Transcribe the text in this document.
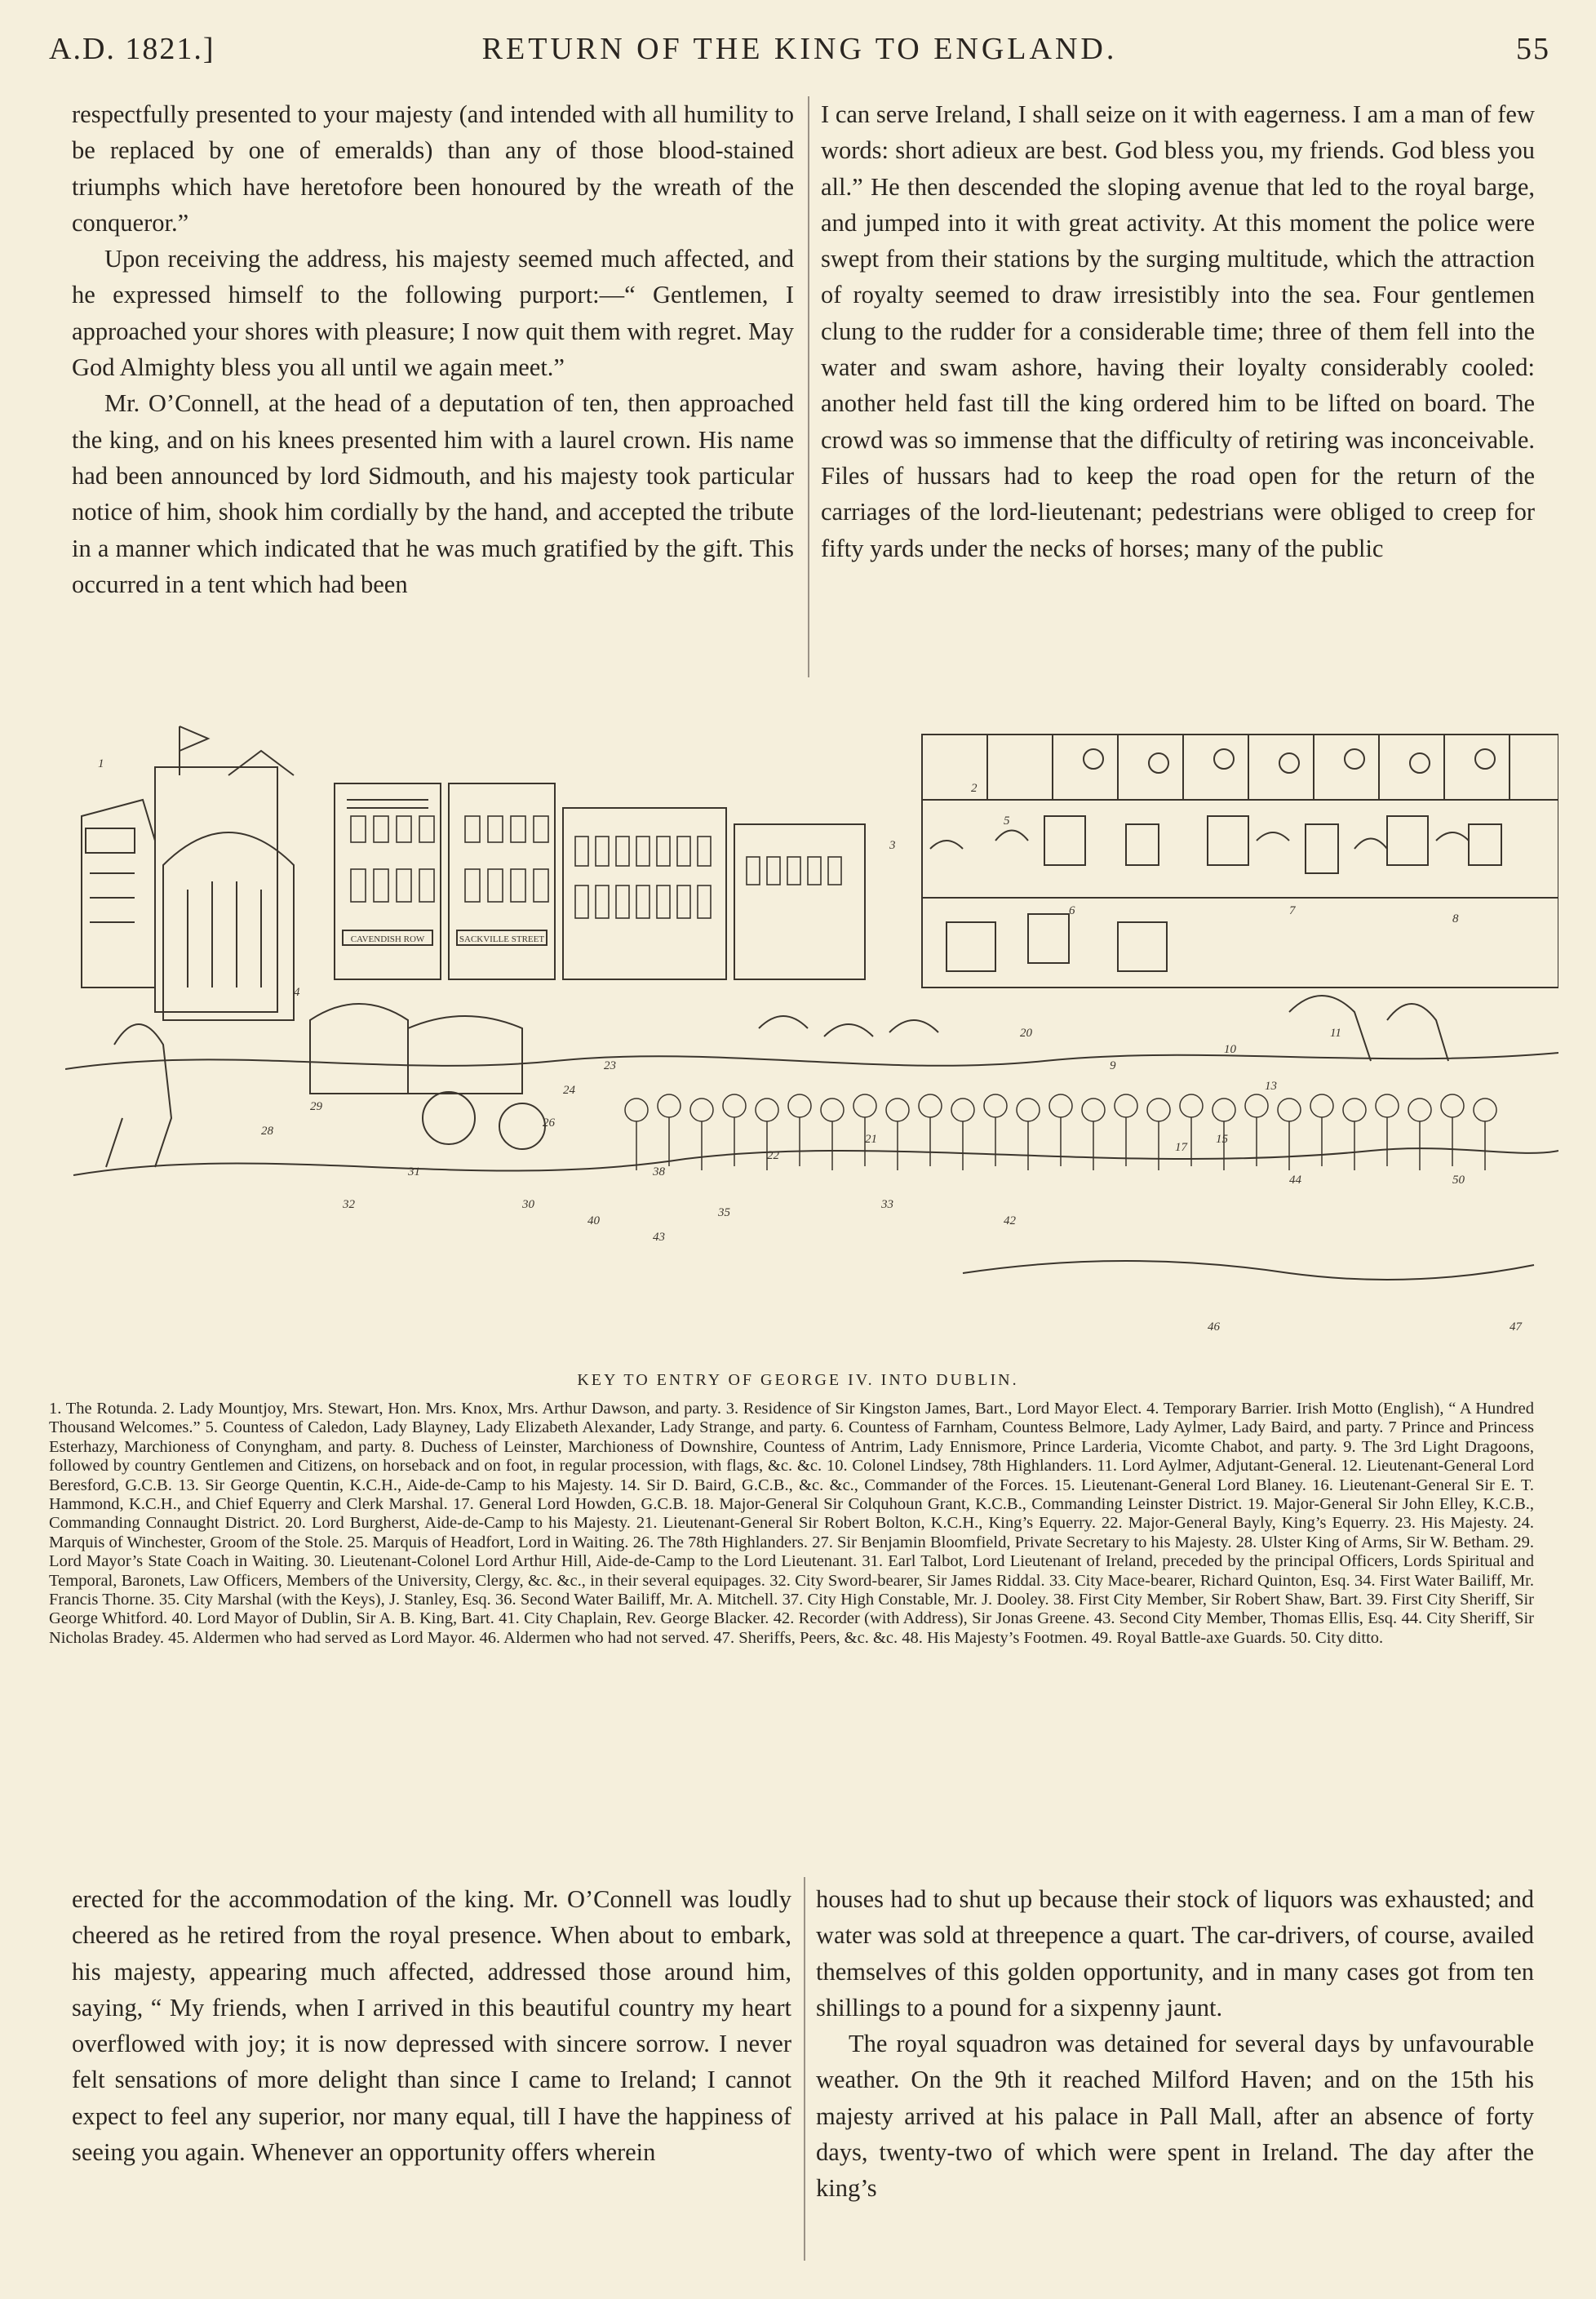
A.D. 1821.]	RETURN OF THE KING TO ENGLAND.	55

respectfully presented to your majesty (and intended with all humility to be replaced by one of emeralds) than any of those blood-stained triumphs which have heretofore been honoured by the wreath of the conqueror.”

Upon receiving the address, his majesty seemed much affected, and he expressed himself to the following purport:—“ Gentlemen, I approached your shores with pleasure; I now quit them with regret. May God Almighty bless you all until we again meet.”

Mr. O’Connell, at the head of a deputation of ten, then approached the king, and on his knees presented him with a laurel crown. His name had been announced by lord Sidmouth, and his majesty took particular notice of him, shook him cordially by the hand, and accepted the tribute in a manner which indicated that he was much gratified by the gift. This occurred in a tent which had been

I can serve Ireland, I shall seize on it with eagerness. I am a man of few words: short adieux are best. God bless you, my friends. God bless you all.” He then descended the sloping avenue that led to the royal barge, and jumped into it with great activity. At this moment the police were swept from their stations by the surging multitude, which the attraction of royalty seemed to draw irresistibly into the sea. Four gentlemen clung to the rudder for a considerable time; three of them fell into the water and swam ashore, having their loyalty considerably cooled: another held fast till the king ordered him to be lifted on board. The crowd was so immense that the difficulty of retiring was inconceivable. Files of hussars had to keep the road open for the return of the carriages of the lord-lieutenant; pedestrians were obliged to creep for fifty yards under the necks of horses; many of the public

CAVENDISH ROW	SACKVILLE STREET
1
2
3
4
5
6	7
8
9
10
11
13
15
17
20
21
22
23
24
26
28
29
30
31
32	33
35
38
40	42
43
44
46	47
50
KEY TO ENTRY OF GEORGE IV. INTO DUBLIN.
1. The Rotunda. 2. Lady Mountjoy, Mrs. Stewart, Hon. Mrs. Knox, Mrs. Arthur Dawson, and party. 3. Residence of Sir Kingston James, Bart., Lord Mayor Elect. 4. Temporary Barrier. Irish Motto (English), “ A Hundred Thousand Welcomes.” 5. Countess of Caledon, Lady Blayney, Lady Elizabeth Alexander, Lady Strange, and party. 6. Countess of Farnham, Countess Belmore, Lady Aylmer, Lady Baird, and party. 7 Prince and Princess Esterhazy, Marchioness of Conyngham, and party. 8. Duchess of Leinster, Marchioness of Downshire, Countess of Antrim, Lady Ennismore, Prince Larderia, Vicomte Chabot, and party. 9. The 3rd Light Dragoons, followed by country Gentlemen and Citizens, on horseback and on foot, in regular procession, with flags, &c. &c. 10. Colonel Lindsey, 78th Highlanders. 11. Lord Aylmer, Adjutant-General. 12. Lieutenant-General Lord Beresford, G.C.B. 13. Sir George Quentin, K.C.H., Aide-de-Camp to his Majesty. 14. Sir D. Baird, G.C.B., &c. &c., Commander of the Forces. 15. Lieutenant-General Lord Blaney. 16. Lieutenant-General Sir E. T. Hammond, K.C.H., and Chief Equerry and Clerk Marshal. 17. General Lord Howden, G.C.B. 18. Major-General Sir Colquhoun Grant, K.C.B., Commanding Leinster District. 19. Major-General Sir John Elley, K.C.B., Commanding Connaught District. 20. Lord Burgherst, Aide-de-Camp to his Majesty. 21. Lieutenant-General Sir Robert Bolton, K.C.H., King’s Equerry. 22. Major-General Bayly, King’s Equerry. 23. His Majesty. 24. Marquis of Winchester, Groom of the Stole. 25. Marquis of Headfort, Lord in Waiting. 26. The 78th Highlanders. 27. Sir Benjamin Bloomfield, Private Secretary to his Majesty. 28. Ulster King of Arms, Sir W. Betham. 29. Lord Mayor’s State Coach in Waiting. 30. Lieutenant-Colonel Lord Arthur Hill, Aide-de-Camp to the Lord Lieutenant. 31. Earl Talbot, Lord Lieutenant of Ireland, preceded by the principal Officers, Lords Spiritual and Temporal, Baronets, Law Officers, Members of the University, Clergy, &c. &c., in their several equipages. 32. City Sword-bearer, Sir James Riddal. 33. City Mace-bearer, Richard Quinton, Esq. 34. First Water Bailiff, Mr. Francis Thorne. 35. City Marshal (with the Keys), J. Stanley, Esq. 36. Second Water Bailiff, Mr. A. Mitchell. 37. City High Constable, Mr. J. Dooley. 38. First City Member, Sir Robert Shaw, Bart. 39. First City Sheriff, Sir George Whitford. 40. Lord Mayor of Dublin, Sir A. B. King, Bart. 41. City Chaplain, Rev. George Blacker. 42. Recorder (with Address), Sir Jonas Greene. 43. Second City Member, Thomas Ellis, Esq. 44. City Sheriff, Sir Nicholas Bradey. 45. Aldermen who had served as Lord Mayor. 46. Aldermen who had not served. 47. Sheriffs, Peers, &c. &c. 48. His Majesty’s Footmen. 49. Royal Battle-axe Guards. 50. City ditto.

erected for the accommodation of the king. Mr. O’Connell was loudly cheered as he retired from the royal presence. When about to embark, his majesty, appearing much affected, addressed those around him, saying, “ My friends, when I arrived in this beautiful country my heart overflowed with joy; it is now depressed with sincere sorrow. I never felt sensations of more delight than since I came to Ireland; I cannot expect to feel any superior, nor many equal, till I have the happiness of seeing you again. Whenever an opportunity offers wherein

houses had to shut up because their stock of liquors was exhausted; and water was sold at threepence a quart. The car-drivers, of course, availed themselves of this golden opportunity, and in many cases got from ten shillings to a pound for a sixpenny jaunt.

The royal squadron was detained for several days by unfavourable weather. On the 9th it reached Milford Haven; and on the 15th his majesty arrived at his palace in Pall Mall, after an absence of forty days, twenty-two of which were spent in Ireland. The day after the king’s
